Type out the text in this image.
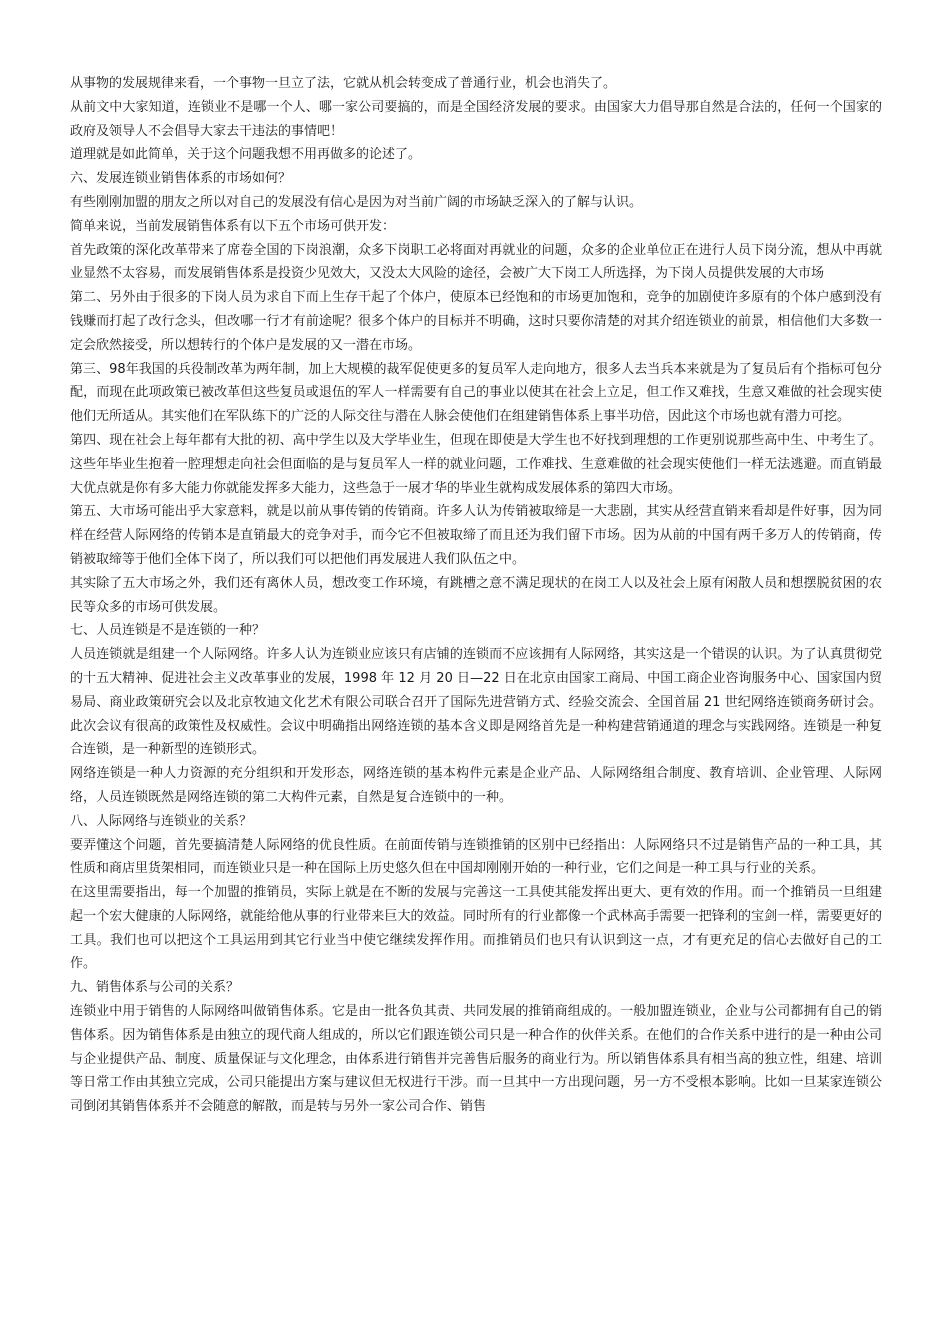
从事物的发展规律来看，一个事物一旦立了法，它就从机会转变成了普通行业，机会也消失了。

从前文中大家知道，连锁业不是哪一个人、哪一家公司要搞的，而是全国经济发展的要求。由国家大力倡导那自然是合法的，任何一个国家的政府及领导人不会倡导大家去干违法的事情吧！

道理就是如此简单，关于这个问题我想不用再做多的论述了。

六、发展连锁业销售体系的市场如何？

有些刚刚加盟的朋友之所以对自己的发展没有信心是因为对当前广阔的市场缺乏深入的了解与认识。

简单来说，当前发展销售体系有以下五个市场可供开发：

首先政策的深化改革带来了席卷全国的下岗浪潮，众多下岗职工必将面对再就业的问题，众多的企业单位正在进行人员下岗分流，想从中再就业显然不太容易，而发展销售体系是投资少见效大，又没太大风险的途径，会被广大下岗工人所选择，为下岗人员提供发展的大市场

第二、另外由于很多的下岗人员为求自下而上生存干起了个体户，使原本已经饱和的市场更加饱和，竞争的加剧使许多原有的个体户感到没有钱赚而打起了改行念头，但改哪一行才有前途呢？很多个体户的目标并不明确，这时只要你清楚的对其介绍连锁业的前景，相信他们大多数一定会欣然接受，所以想转行的个体户是发展的又一潜在市场。

第三、98年我国的兵役制改革为两年制，加上大规模的裁军促使更多的复员军人走向地方，很多人去当兵本来就是为了复员后有个指标可包分配，而现在此项政策已被改革但这些复员或退伍的军人一样需要有自己的事业以使其在社会上立足，但工作又难找，生意又难做的社会现实使他们无所适从。其实他们在军队练下的广泛的人际交往与潜在人脉会使他们在组建销售体系上事半功倍，因此这个市场也就有潜力可挖。

第四、现在社会上每年都有大批的初、高中学生以及大学毕业生，但现在即使是大学生也不好找到理想的工作更别说那些高中生、中考生了。这些年毕业生抱着一腔理想走向社会但面临的是与复员军人一样的就业问题，工作难找、生意难做的社会现实使他们一样无法逃避。而直销最大优点就是你有多大能力你就能发挥多大能力，这些急于一展才华的毕业生就构成发展体系的第四大市场。

第五、大市场可能出乎大家意料，就是以前从事传销的传销商。许多人认为传销被取缔是一大悲剧，其实从经营直销来看却是件好事，因为同样在经营人际网络的传销本是直销最大的竞争对手，而今它不但被取缔了而且还为我们留下市场。因为从前的中国有两千多万人的传销商，传销被取缔等于他们全体下岗了，所以我们可以把他们再发展进人我们队伍之中。

其实除了五大市场之外，我们还有离休人员，想改变工作环境，有跳槽之意不满足现状的在岗工人以及社会上原有闲散人员和想摆脱贫困的农民等众多的市场可供发展。

七、人员连锁是不是连锁的一种？

人员连锁就是组建一个人际网络。许多人认为连锁业应该只有店铺的连锁而不应该拥有人际网络，其实这是一个错误的认识。为了认真贯彻党的十五大精神、促进社会主义改革事业的发展，1998 年 12 月 20 日—22 日在北京由国家工商局、中国工商企业咨询服务中心、国家国内贸易局、商业政策研究会以及北京牧迪文化艺术有限公司联合召开了国际先进营销方式、经验交流会、全国首届 21 世纪网络连锁商务研讨会。此次会议有很高的政策性及权威性。会议中明确指出网络连锁的基本含义即是网络首先是一种构建营销通道的理念与实践网络。连锁是一种复合连锁，是一种新型的连锁形式。

网络连锁是一种人力资源的充分组织和开发形态，网络连锁的基本构件元素是企业产品、人际网络组合制度、教育培训、企业管理、人际网络，人员连锁既然是网络连锁的第二大构件元素，自然是复合连锁中的一种。

八、人际网络与连锁业的关系？

要弄懂这个问题，首先要搞清楚人际网络的优良性质。在前面传销与连锁推销的区别中已经指出：人际网络只不过是销售产品的一种工具，其性质和商店里货架相同，而连锁业只是一种在国际上历史悠久但在中国却刚刚开始的一种行业，它们之间是一种工具与行业的关系。

在这里需要指出，每一个加盟的推销员，实际上就是在不断的发展与完善这一工具使其能发挥出更大、更有效的作用。而一个推销员一旦组建起一个宏大健康的人际网络，就能给他从事的行业带来巨大的效益。同时所有的行业都像一个武林高手需要一把锋利的宝剑一样，需要更好的工具。我们也可以把这个工具运用到其它行业当中使它继续发挥作用。而推销员们也只有认识到这一点，才有更充足的信心去做好自己的工作。

九、销售体系与公司的关系？

连锁业中用于销售的人际网络叫做销售体系。它是由一批各负其责、共同发展的推销商组成的。一般加盟连锁业，企业与公司都拥有自己的销售体系。因为销售体系是由独立的现代商人组成的，所以它们跟连锁公司只是一种合作的伙伴关系。在他们的合作关系中进行的是一种由公司与企业提供产品、制度、质量保证与文化理念，由体系进行销售并完善售后服务的商业行为。所以销售体系具有相当高的独立性，组建、培训等日常工作由其独立完成，公司只能提出方案与建议但无权进行干涉。而一旦其中一方出现问题，另一方不受根本影响。比如一旦某家连锁公司倒闭其销售体系并不会随意的解散，而是转与另外一家公司合作、销售
